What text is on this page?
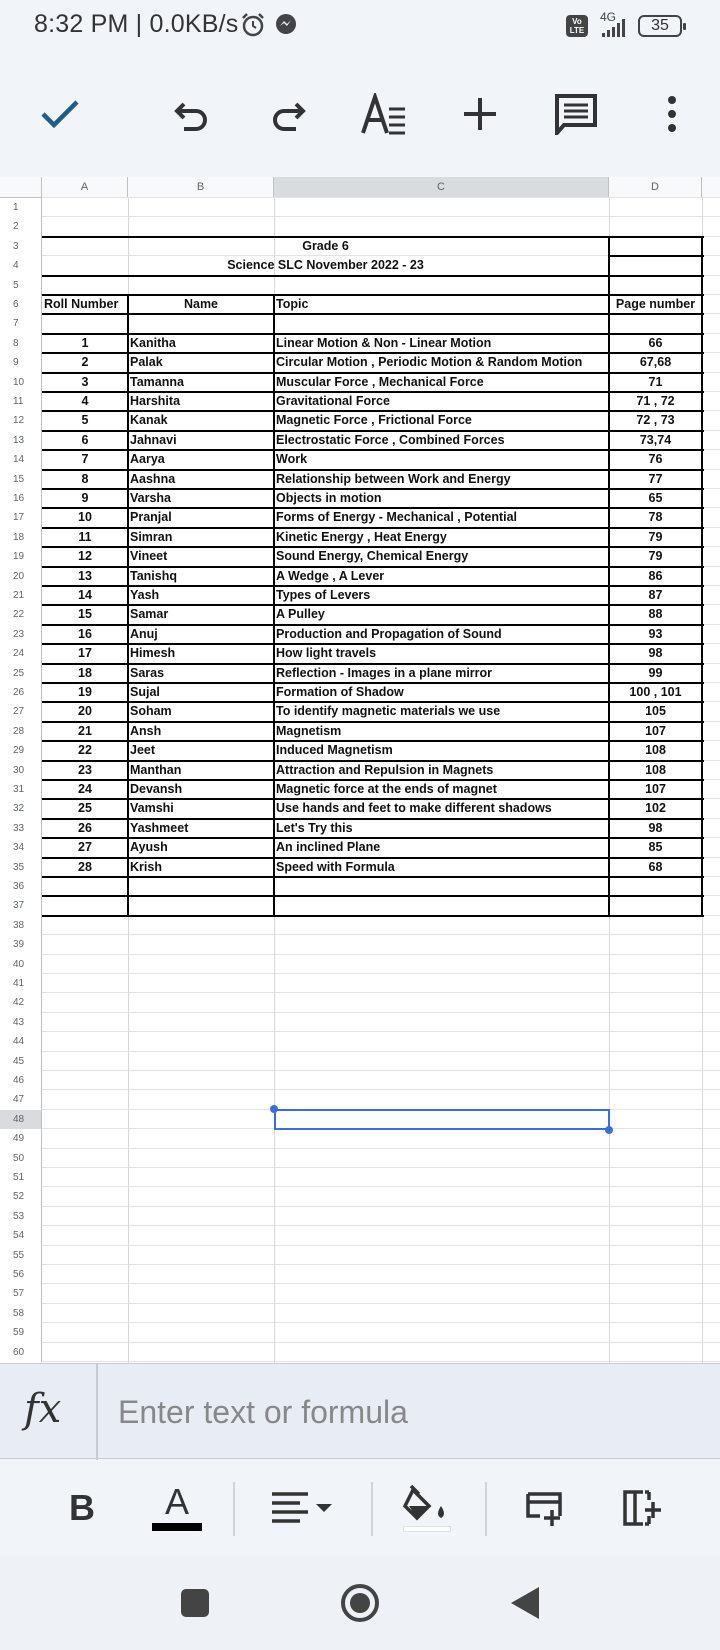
8:32 PM | 0.0KB/s	Vo LTE
4G	35
A	B	C	D
1
2
3
4
5
6
7
8
9
10
11
12
13
14
15
16
17
18
19
20
21
22
23
24
25
26
27
28
29
30
31
32
33
34
35
36
37
38
39
40
41
42
43
44
45
46
47
48
49
50
51
52
53
54
55
56
57
58
59
60
Grade 6
Science SLC November 2022 - 23
Roll Number	Name	Topic	Page number
1	Kanitha	Linear Motion & Non - Linear Motion	66
2	Palak	Circular Motion , Periodic Motion & Random Motion	67,68
3	Tamanna	Muscular Force , Mechanical Force	71
4	Harshita	Gravitational Force	71 , 72
5	Kanak	Magnetic Force , Frictional Force	72 , 73
6	Jahnavi	Electrostatic Force , Combined Forces	73,74
7	Aarya	Work	76
8	Aashna	Relationship between Work and Energy	77
9	Varsha	Objects in motion	65
10	Pranjal	Forms of Energy - Mechanical , Potential	78
11	Simran	Kinetic Energy , Heat Energy	79
12	Vineet	Sound Energy, Chemical Energy	79
13	Tanishq	A Wedge , A Lever	86
14	Yash	Types of Levers	87
15	Samar	A Pulley	88
16	Anuj	Production and Propagation of Sound	93
17	Himesh	How light travels	98
18	Saras	Reflection - Images in a plane mirror	99
19	Sujal	Formation of Shadow	100 , 101
20	Soham	To identify magnetic materials we use	105
21	Ansh	Magnetism	107
22	Jeet	Induced Magnetism	108
23	Manthan	Attraction and Repulsion in Magnets	108
24	Devansh	Magnetic force at the ends of magnet	107
25	Vamshi	Use hands and feet to make different shadows	102
26	Yashmeet	Let's Try this	98
27	Ayush	An inclined Plane	85
28	Krish	Speed with Formula	68
fx
Enter text or formula
B A
